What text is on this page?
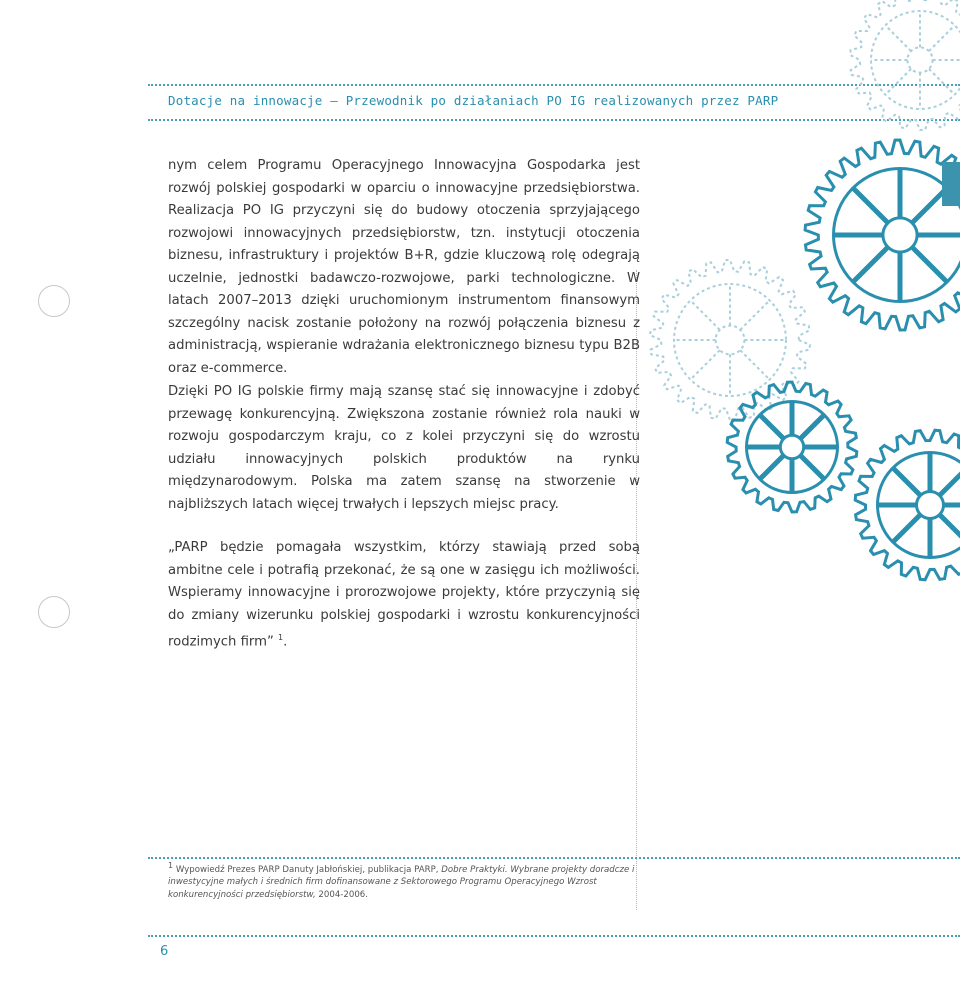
Dotacje na innowacje – Przewodnik po działaniach PO IG realizowanych przez PARP

nym celem Programu Operacyjnego Innowacyjna Gospodarka jest rozwój polskiej gospodarki w oparciu o innowacyjne przedsiębiorstwa. Realizacja PO IG przyczyni się do budowy otoczenia sprzyjającego rozwojowi innowacyjnych przedsiębiorstw, tzn. instytucji otoczenia biznesu, infrastruktury i projektów B+R, gdzie kluczową rolę odegrają uczelnie, jednostki badawczo-rozwojowe, parki technologiczne. W latach 2007–2013 dzięki uruchomionym instrumentom finansowym szczególny nacisk zostanie położony na rozwój połączenia biznesu z administracją, wspieranie wdrażania elektronicznego biznesu typu B2B oraz e-commerce.

Dzięki PO IG polskie firmy mają szansę stać się innowacyjne i zdobyć przewagę konkurencyjną. Zwiększona zostanie również rola nauki w rozwoju gospodarczym kraju, co z kolei przyczyni się do wzrostu udziału innowacyjnych polskich produktów na rynku międzynarodowym. Polska ma zatem szansę na stworzenie w najbliższych latach więcej trwałych i lepszych miejsc pracy.

„PARP będzie pomagała wszystkim, którzy stawiają przed sobą ambitne cele i potrafią przekonać, że są one w zasięgu ich możliwości. Wspieramy innowacyjne i prorozwojowe projekty, które przyczynią się do zmiany wizerunku polskiej gospodarki i wzrostu konkurencyjności rodzimych firm” $^1$.

1 Wypowiedź Prezes PARP Danuty Jabłońskiej, publikacja PARP, Dobre Praktyki. Wybrane projekty doradcze i inwestycyjne małych i średnich firm dofinansowane z Sektorowego Programu Operacyjnego Wzrost konkurencyjności przedsiębiorstw, 2004-2006.

6
